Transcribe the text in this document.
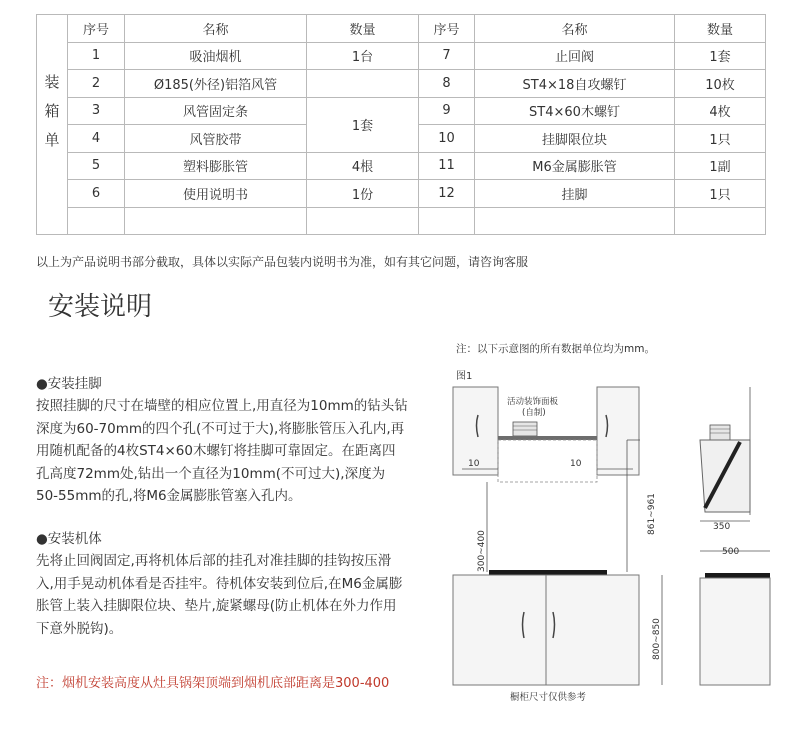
	序号	名称	数量	序号	名称	数量
	1	吸油烟机	1台	7	止回阀	1套
	2	Ø185(外径)铝箔风管		8	ST4×18自攻螺钉	10枚
	3	风管固定条	1套	9	ST4×60木螺钉	4枚
	4	风管胶带		10	挂脚限位块	1只
	5	塑料膨胀管	4根	11	M6金属膨胀管	1副
	6	使用说明书	1份	12	挂脚	1只

装
箱
单
以上为产品说明书部分截取，具体以实际产品包装内说明书为准，如有其它问题，请咨询客服
安装说明
●安装挂脚
按照挂脚的尺寸在墙壁的相应位置上,用直径为10mm的钻头钻
深度为60-70mm的四个孔(不可过于大),将膨胀管压入孔内,再
用随机配备的4枚ST4×60木螺钉将挂脚可靠固定。在距离四
孔高度72mm处,钻出一个直径为10mm(不可过大),深度为
50-55mm的孔,将M6金属膨胀管塞入孔内。
●安装机体
先将止回阀固定,再将机体后部的挂孔对准挂脚的挂钩按压滑
入,用手晃动机体看是否挂牢。待机体安装到位后,在M6金属膨
胀管上装入挂脚限位块、垫片,旋紧螺母(防止机体在外力作用
下意外脱钩)。
注：烟机安装高度从灶具锅架顶端到烟机底部距离是300-400
注：以下示意图的所有数据单位均为mm。
图1
活动装饰面板
(自制)
10	10
300~400
861~961
800~850
橱柜尺寸仅供参考
350
500
